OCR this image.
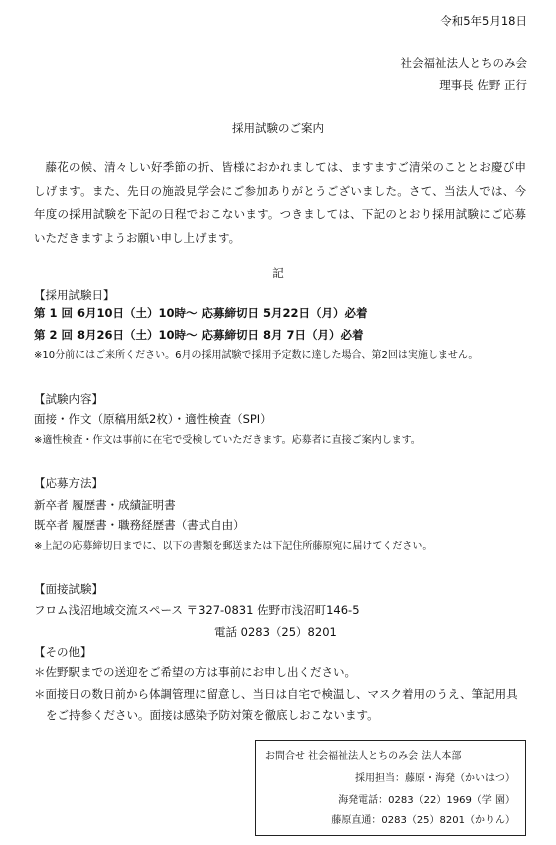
令和5年5月18日
社会福祉法人とちのみ会
理事長 佐野 正行
採用試験のご案内
藤花の候、清々しい好季節の折、皆様におかれましては、ますますご清栄のこととお慶び申しげます。また、先日の施設見学会にご参加ありがとうございました。さて、当法人では、今年度の採用試験を下記の日程でおこないます。つきましては、下記のとおり採用試験にご応募いただきますようお願い申し上げます。
記
【採用試験日】
第 1 回 6月10日（土）10時～ 応募締切日 5月22日（月）必着
第 2 回 8月26日（土）10時～ 応募締切日 8月 7日（月）必着
※10分前にはご来所ください。6月の採用試験で採用予定数に達した場合、第2回は実施しません。
【試験内容】
面接・作文（原稿用紙2枚）・適性検査（SPI）
※適性検査・作文は事前に在宅で受検していただきます。応募者に直接ご案内します。
【応募方法】
新卒者 履歴書・成績証明書
既卒者 履歴書・職務経歴書（書式自由）
※上記の応募締切日までに、以下の書類を郵送または下記住所藤原宛に届けてください。
【面接試験】
フロム浅沼地域交流スペース 〒327-0831 佐野市浅沼町146-5
電話 0283（25）8201
【その他】
＊佐野駅までの送迎をご希望の方は事前にお申し出ください。
＊面接日の数日前から体調管理に留意し、当日は自宅で検温し、マスク着用のうえ、筆記用具
をご持参ください。面接は感染予防対策を徹底しおこないます。
お問合せ 社会福祉法人とちのみ会 法人本部
採用担当：藤原・海発（かいはつ）
海発電話：0283（22）1969（学 園）
藤原直通：0283（25）8201（かりん）
